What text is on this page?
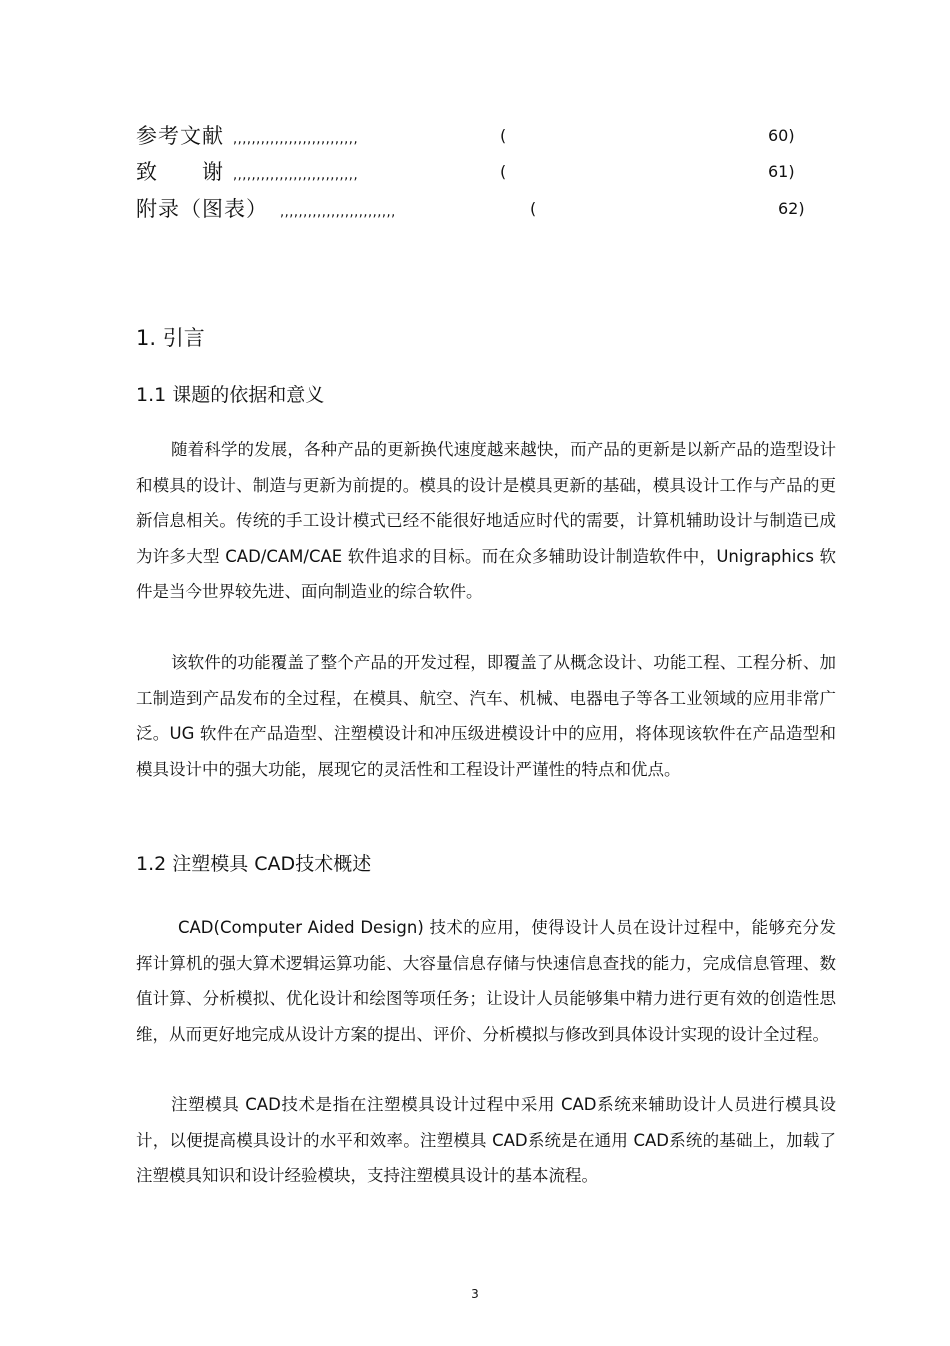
参考文献 ,,,,,,,,,,,,,,,,,,,,,,,,,,,	(	60)
致　　谢 ,,,,,,,,,,,,,,,,,,,,,,,,,,,	(	61)
附录（图表） ,,,,,,,,,,,,,,,,,,,,,,,,,	(	62)
1. 引言
1.1 课题的依据和意义

随着科学的发展，各种产品的更新换代速度越来越快，而产品的更新是以新产品的造型设计和模具的设计、制造与更新为前提的。模具的设计是模具更新的基础，模具设计工作与产品的更新信息相关。传统的手工设计模式已经不能很好地适应时代的需要，计算机辅助设计与制造已成为许多大型 CAD/CAM/CAE 软件追求的目标。而在众多辅助设计制造软件中，Unigraphics 软件是当今世界较先进、面向制造业的综合软件。

该软件的功能覆盖了整个产品的开发过程，即覆盖了从概念设计、功能工程、工程分析、加工制造到产品发布的全过程，在模具、航空、汽车、机械、电器电子等各工业领域的应用非常广泛。UG 软件在产品造型、注塑模设计和冲压级进模设计中的应用，将体现该软件在产品造型和模具设计中的强大功能，展现它的灵活性和工程设计严谨性的特点和优点。

1.2 注塑模具 CAD技术概述

CAD(Computer Aided Design) 技术的应用，使得设计人员在设计过程中，能够充分发挥计算机的强大算术逻辑运算功能、大容量信息存储与快速信息查找的能力，完成信息管理、数值计算、分析模拟、优化设计和绘图等项任务；让设计人员能够集中精力进行更有效的创造性思维，从而更好地完成从设计方案的提出、评价、分析模拟与修改到具体设计实现的设计全过程。

注塑模具 CAD技术是指在注塑模具设计过程中采用 CAD系统来辅助设计人员进行模具设计，以便提高模具设计的水平和效率。注塑模具 CAD系统是在通用 CAD系统的基础上，加载了注塑模具知识和设计经验模块，支持注塑模具设计的基本流程。

3
